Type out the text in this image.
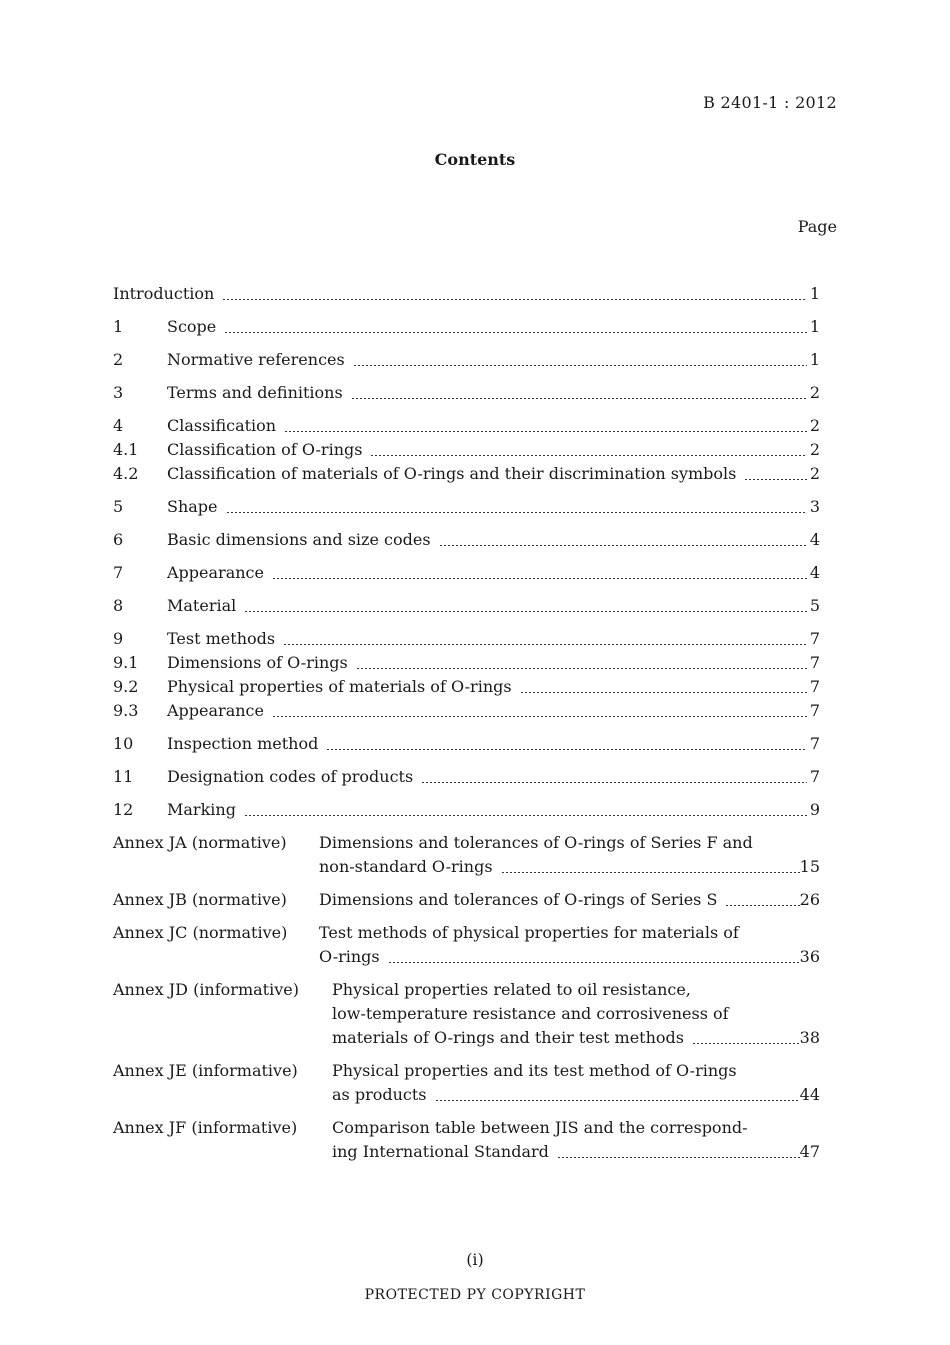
B 2401-1 : 2012
Contents
Page
Introduction	1
1	Scope	1
2	Normative references	1
3	Terms and definitions	2
4	Classification	2
4.1	Classification of O-rings	2
4.2	Classification of materials of O-rings and their discrimination symbols	2
5	Shape	3
6	Basic dimensions and size codes	4
7	Appearance	4
8	Material	5
9	Test methods	7
9.1	Dimensions of O-rings	7
9.2	Physical properties of materials of O-rings	7
9.3	Appearance	7
10	Inspection method	7
11	Designation codes of products	7
12	Marking	9
Annex JA (normative)	Dimensions and tolerances of O-rings of Series F and
non-standard O-rings	15
Annex JB (normative)	Dimensions and tolerances of O-rings of Series S	26
Annex JC (normative)	Test methods of physical properties for materials of
O-rings	36
Annex JD (informative)	Physical properties related to oil resistance,
low-temperature resistance and corrosiveness of
materials of O-rings and their test methods	38
Annex JE (informative)	Physical properties and its test method of O-rings
as products	44
Annex JF (informative)	Comparison table between JIS and the correspond-
ing International Standard	47
(i)
PROTECTED PY COPYRIGHT
